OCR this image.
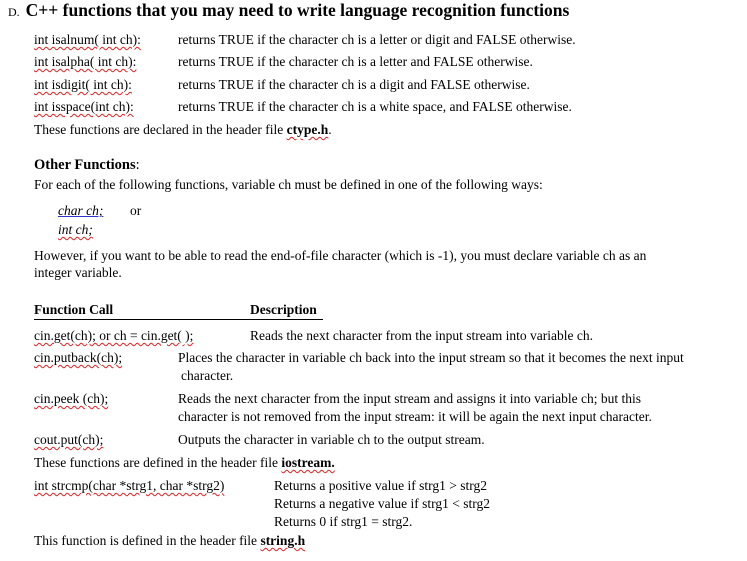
D. C++ functions that you may need to write language recognition functions
int isalnum( int ch):	returns TRUE if the character ch is a letter or digit and FALSE otherwise.
int isalpha( int ch):	returns TRUE if the character ch is a letter and FALSE otherwise.
int isdigit( int ch):	returns TRUE if the character ch is a digit and FALSE otherwise.
int isspace(int ch):	returns TRUE if the character ch is a white space, and FALSE otherwise.
These functions are declared in the header file ctype.h.
Other Functions:
For each of the following functions, variable ch must be defined in one of the following ways:
char ch; or
int ch;
However, if you want to be able to read the end-of-file character (which is -1), you must declare variable ch as an
integer variable.
Function Call	Description
cin.get(ch); or ch = cin.get( );	Reads the next character from the input stream into variable ch.
cin.putback(ch);	Places the character in variable ch back into the input stream so that it becomes the next input
character.
cin.peek (ch);	Reads the next character from the input stream and assigns it into variable ch; but this
character is not removed from the input stream: it will be again the next input character.
cout.put(ch);	Outputs the character in variable ch to the output stream.
These functions are defined in the header file iostream.
int strcmp(char *strg1, char *strg2)	Returns a positive value if strg1 > strg2
Returns a negative value if strg1 < strg2
Returns 0 if strg1 = strg2.
This function is defined in the header file string.h
